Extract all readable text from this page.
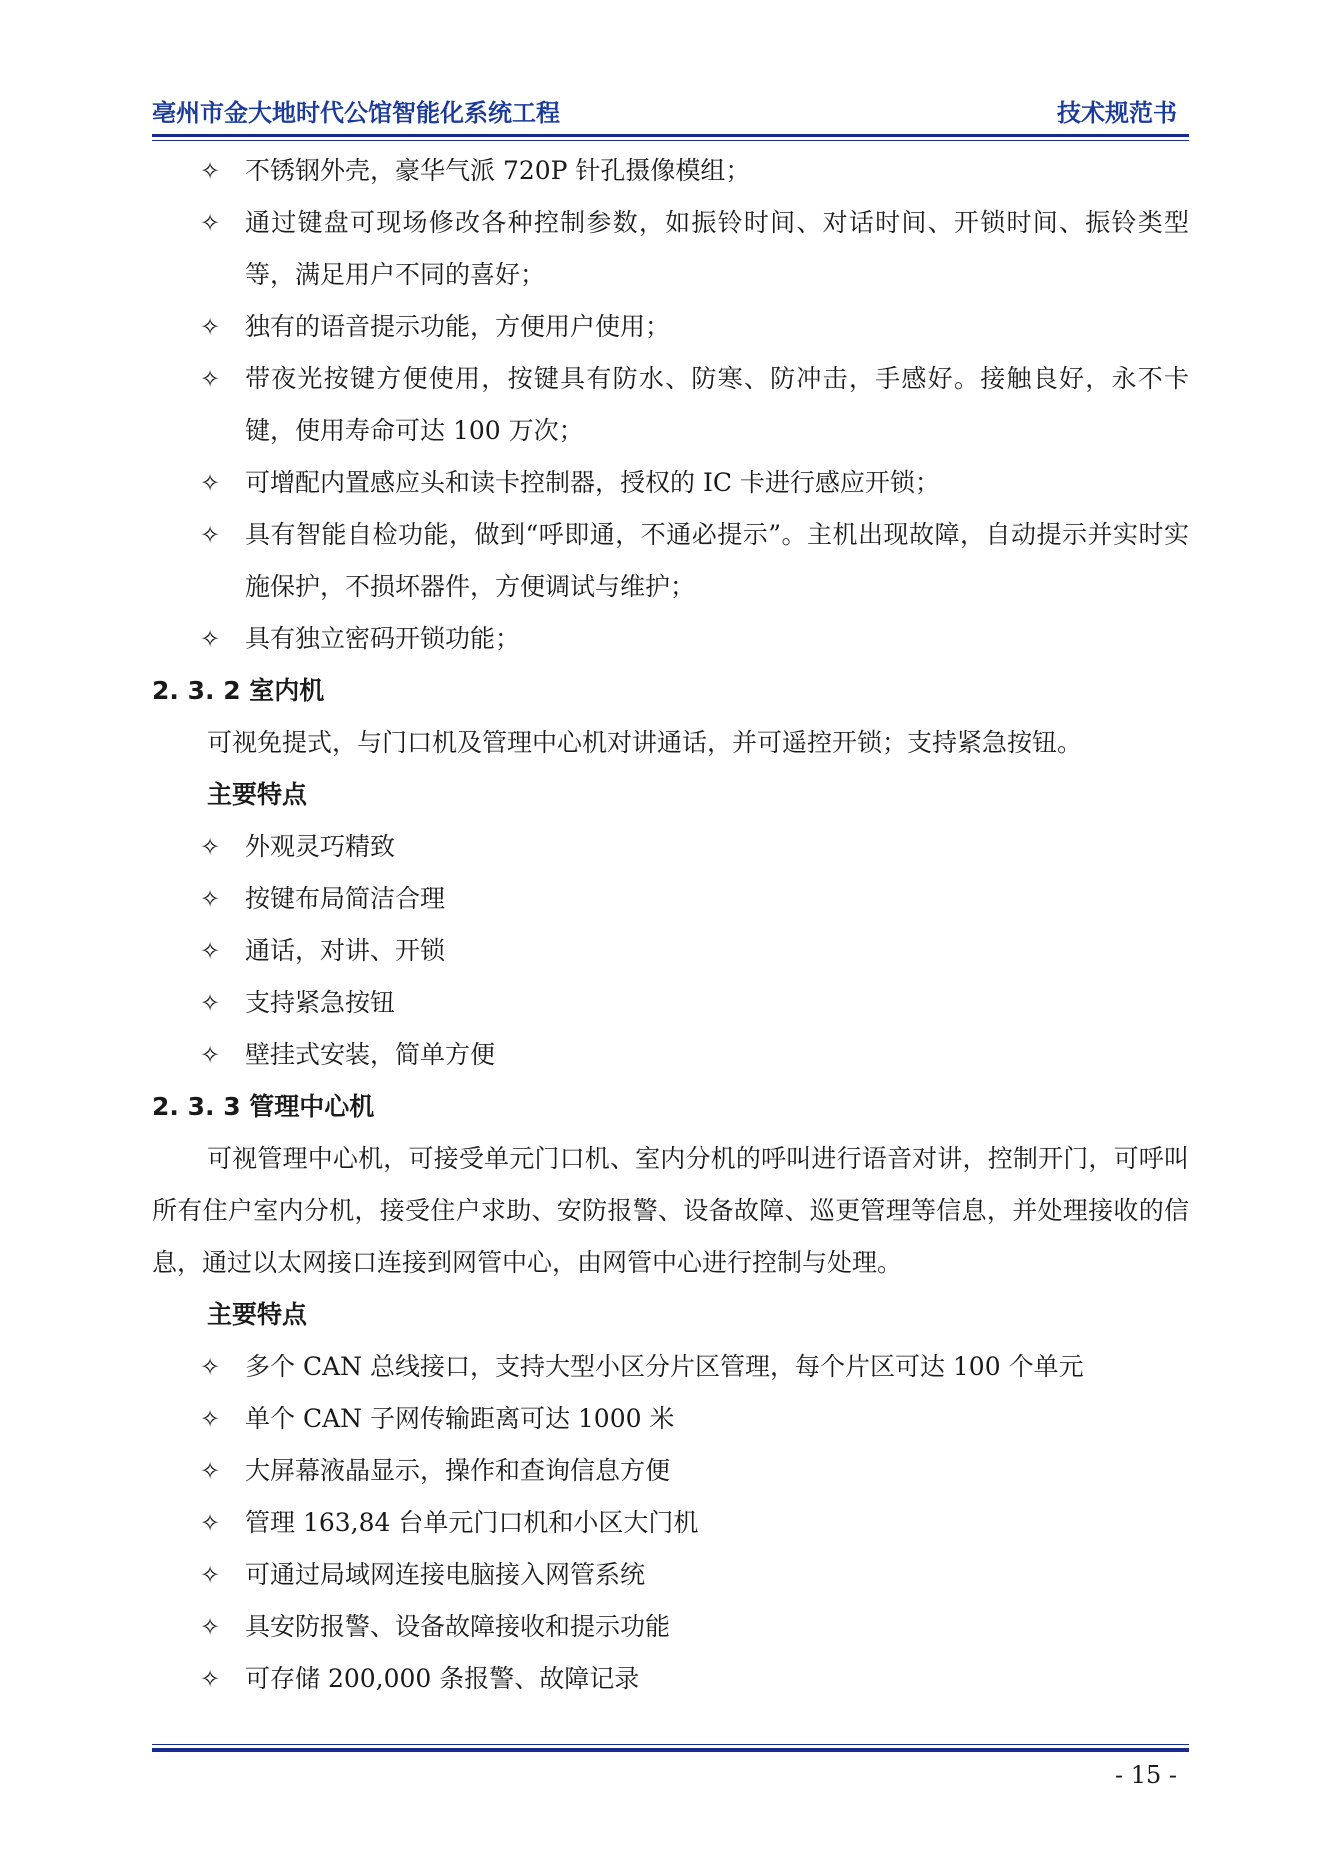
亳州市金大地时代公馆智能化系统工程	技术规范书
✧ 不锈钢外壳，豪华气派 720P 针孔摄像模组；
✧ 通过键盘可现场修改各种控制参数，如振铃时间、对话时间、开锁时间、振铃类型等，满足用户不同的喜好；
✧ 独有的语音提示功能，方便用户使用；
✧ 带夜光按键方便使用，按键具有防水、防寒、防冲击，手感好。接触良好，永不卡键，使用寿命可达 100 万次；
✧ 可增配内置感应头和读卡控制器，授权的 IC 卡进行感应开锁；
✧ 具有智能自检功能，做到“呼即通，不通必提示”。主机出现故障，自动提示并实时实施保护，不损坏器件，方便调试与维护；
✧ 具有独立密码开锁功能；
2. 3. 2 室内机
可视免提式，与门口机及管理中心机对讲通话，并可遥控开锁；支持紧急按钮。
主要特点
✧ 外观灵巧精致
✧ 按键布局简洁合理
✧ 通话，对讲、开锁
✧ 支持紧急按钮
✧ 壁挂式安装，简单方便
2. 3. 3 管理中心机
可视管理中心机，可接受单元门口机、室内分机的呼叫进行语音对讲，控制开门，可呼叫所有住户室内分机，接受住户求助、安防报警、设备故障、巡更管理等信息，并处理接收的信息，通过以太网接口连接到网管中心，由网管中心进行控制与处理。
主要特点
✧ 多个 CAN 总线接口，支持大型小区分片区管理，每个片区可达 100 个单元
✧ 单个 CAN 子网传输距离可达 1000 米
✧ 大屏幕液晶显示，操作和查询信息方便
✧ 管理 163,84 台单元门口机和小区大门机
✧ 可通过局域网连接电脑接入网管系统
✧ 具安防报警、设备故障接收和提示功能
✧ 可存储 200,000 条报警、故障记录
- 15 -
